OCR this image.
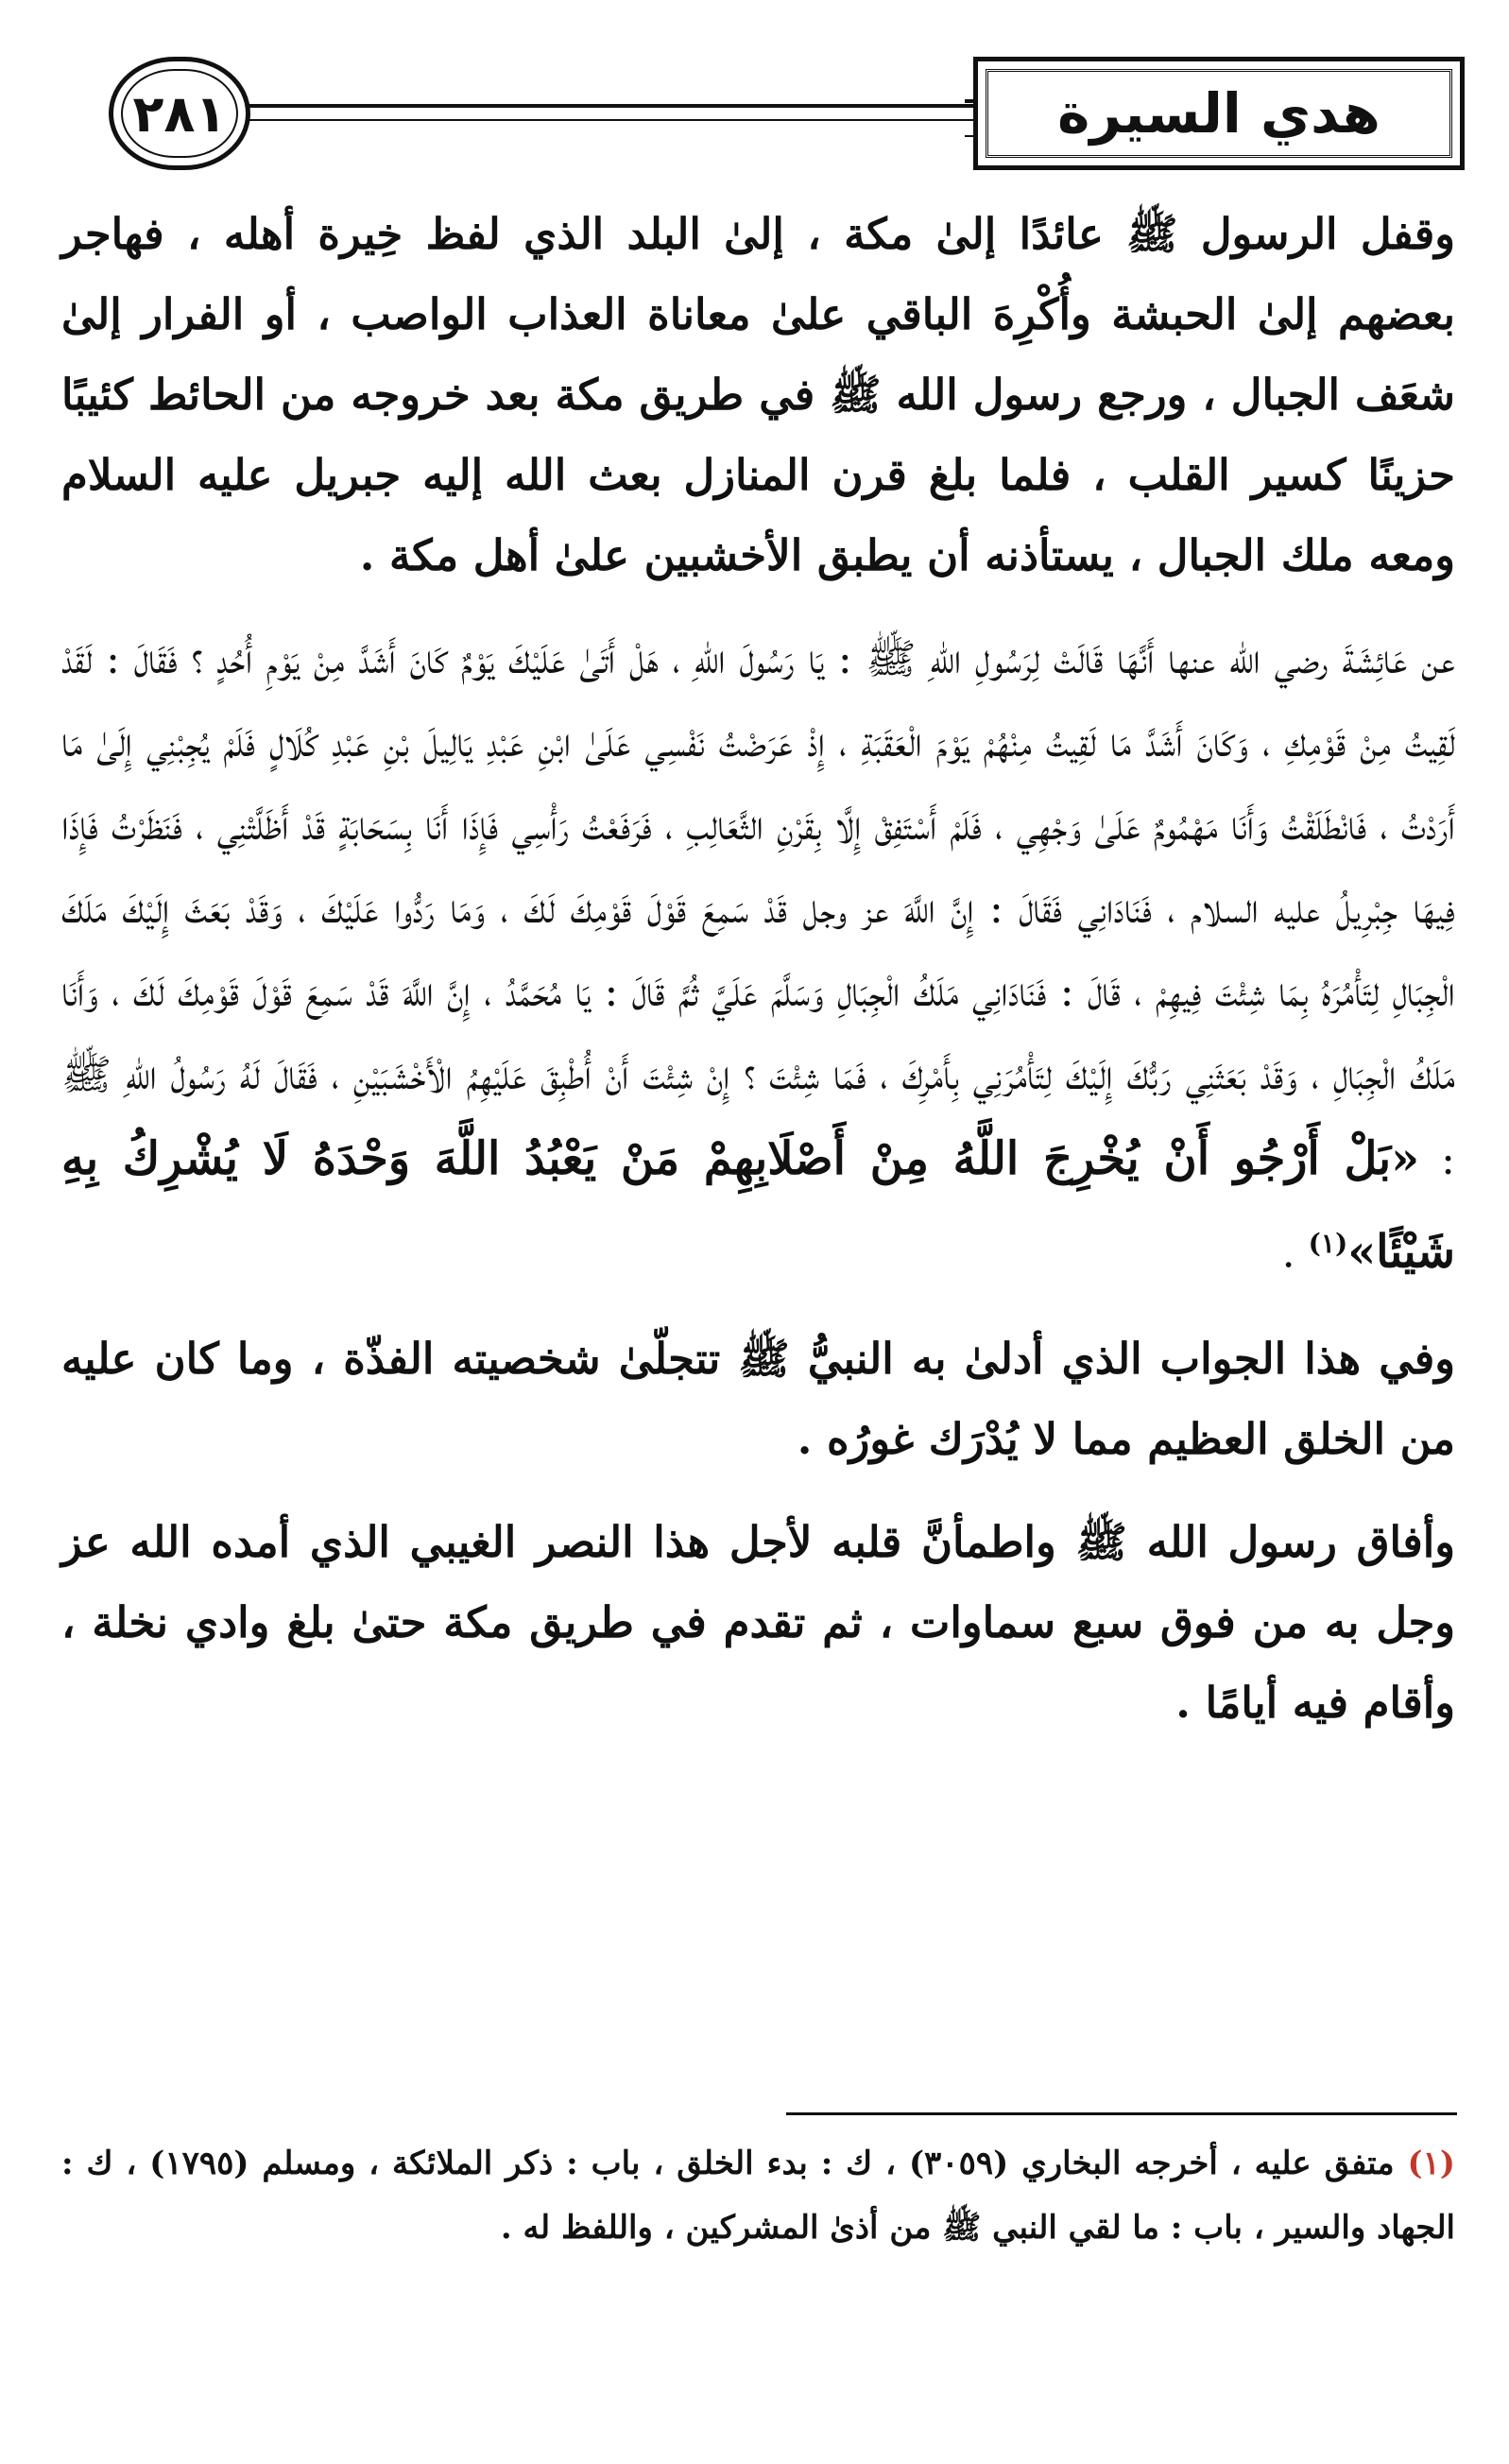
٢٨١	هدي السيرة

وقفل الرسول ﷺ عائدًا إلىٰ مكة ، إلىٰ البلد الذي لفظ خِيرة أهله ، فهاجر بعضهم إلىٰ الحبشة وأُكْرِهَ الباقي علىٰ معاناة العذاب الواصب ، أو الفرار إلىٰ شعَف الجبال ، ورجع رسول الله ﷺ في طريق مكة بعد خروجه من الحائط كئيبًا حزينًا كسير القلب ، فلما بلغ قرن المنازل بعث الله إليه جبريل عليه السلام ومعه ملك الجبال ، يستأذنه أن يطبق الأخشبين علىٰ أهل مكة .

عن عَائِشَةَ رضي الله عنها أَنَّهَا قَالَتْ لِرَسُولِ اللهِ ﷺ : يَا رَسُولَ اللهِ ، هَلْ أَتَىٰ عَلَيْكَ يَوْمٌ كَانَ أَشَدَّ مِنْ يَوْمِ أُحُدٍ ؟ فَقَالَ : لَقَدْ لَقِيتُ مِنْ قَوْمِكِ ، وَكَانَ أَشَدَّ مَا لَقِيتُ مِنْهُمْ يَوْمَ الْعَقَبَةِ ، إِذْ عَرَضْتُ نَفْسِي عَلَىٰ ابْنِ عَبْدِ يَالِيلَ بْنِ عَبْدِ كُلَالٍ فَلَمْ يُجِبْنِي إِلَىٰ مَا أَرَدْتُ ، فَانْطَلَقْتُ وَأَنَا مَهْمُومٌ عَلَىٰ وَجْهِي ، فَلَمْ أَسْتَفِقْ إِلَّا بِقَرْنِ الثَّعَالِبِ ، فَرَفَعْتُ رَأْسِي فَإِذَا أَنَا بِسَحَابَةٍ قَدْ أَظَلَّتْنِي ، فَنَظَرْتُ فَإِذَا فِيهَا جِبْرِيلُ عليه السلام ، فَنَادَانِي فَقَالَ : إِنَّ اللَّهَ عز وجل قَدْ سَمِعَ قَوْلَ قَوْمِكَ لَكَ ، وَمَا رَدُّوا عَلَيْكَ ، وَقَدْ بَعَثَ إِلَيْكَ مَلَكَ الْجِبَالِ لِتَأْمُرَهُ بِمَا شِئْتَ فِيهِمْ ، قَالَ : فَنَادَانِي مَلَكُ الْجِبَالِ وَسَلَّمَ عَلَيَّ ثُمَّ قَالَ : يَا مُحَمَّدُ ، إِنَّ اللَّهَ قَدْ سَمِعَ قَوْلَ قَوْمِكَ لَكَ ، وَأَنَا مَلَكُ الْجِبَالِ ، وَقَدْ بَعَثَنِي رَبُّكَ إِلَيْكَ لِتَأْمُرَنِي بِأَمْرِكَ ، فَمَا شِئْتَ ؟ إِنْ شِئْتَ أَنْ أُطْبِقَ عَلَيْهِمُ الْأَخْشَبَيْنِ ، فَقَالَ لَهُ رَسُولُ اللهِ ﷺ : «بَلْ أَرْجُو أَنْ يُخْرِجَ اللَّهُ مِنْ أَصْلَابِهِمْ مَنْ يَعْبُدُ اللَّهَ وَحْدَهُ لَا يُشْرِكُ بِهِ شَيْئًا»$^{(١)}$ .

وفي هذا الجواب الذي أدلىٰ به النبيُّ ﷺ تتجلّىٰ شخصيته الفذّة ، وما كان عليه من الخلق العظيم مما لا يُدْرَك غورُه .

وأفاق رسول الله ﷺ واطمأنَّ قلبه لأجل هذا النصر الغيبي الذي أمده الله عز وجل به من فوق سبع سماوات ، ثم تقدم في طريق مكة حتىٰ بلغ وادي نخلة ، وأقام فيه أيامًا .

(١) متفق عليه ، أخرجه البخاري (٣٠٥٩) ، ك : بدء الخلق ، باب : ذكر الملائكة ، ومسلم (١٧٩٥) ، ك : الجهاد والسير ، باب : ما لقي النبي ﷺ من أذىٰ المشركين ، واللفظ له .
